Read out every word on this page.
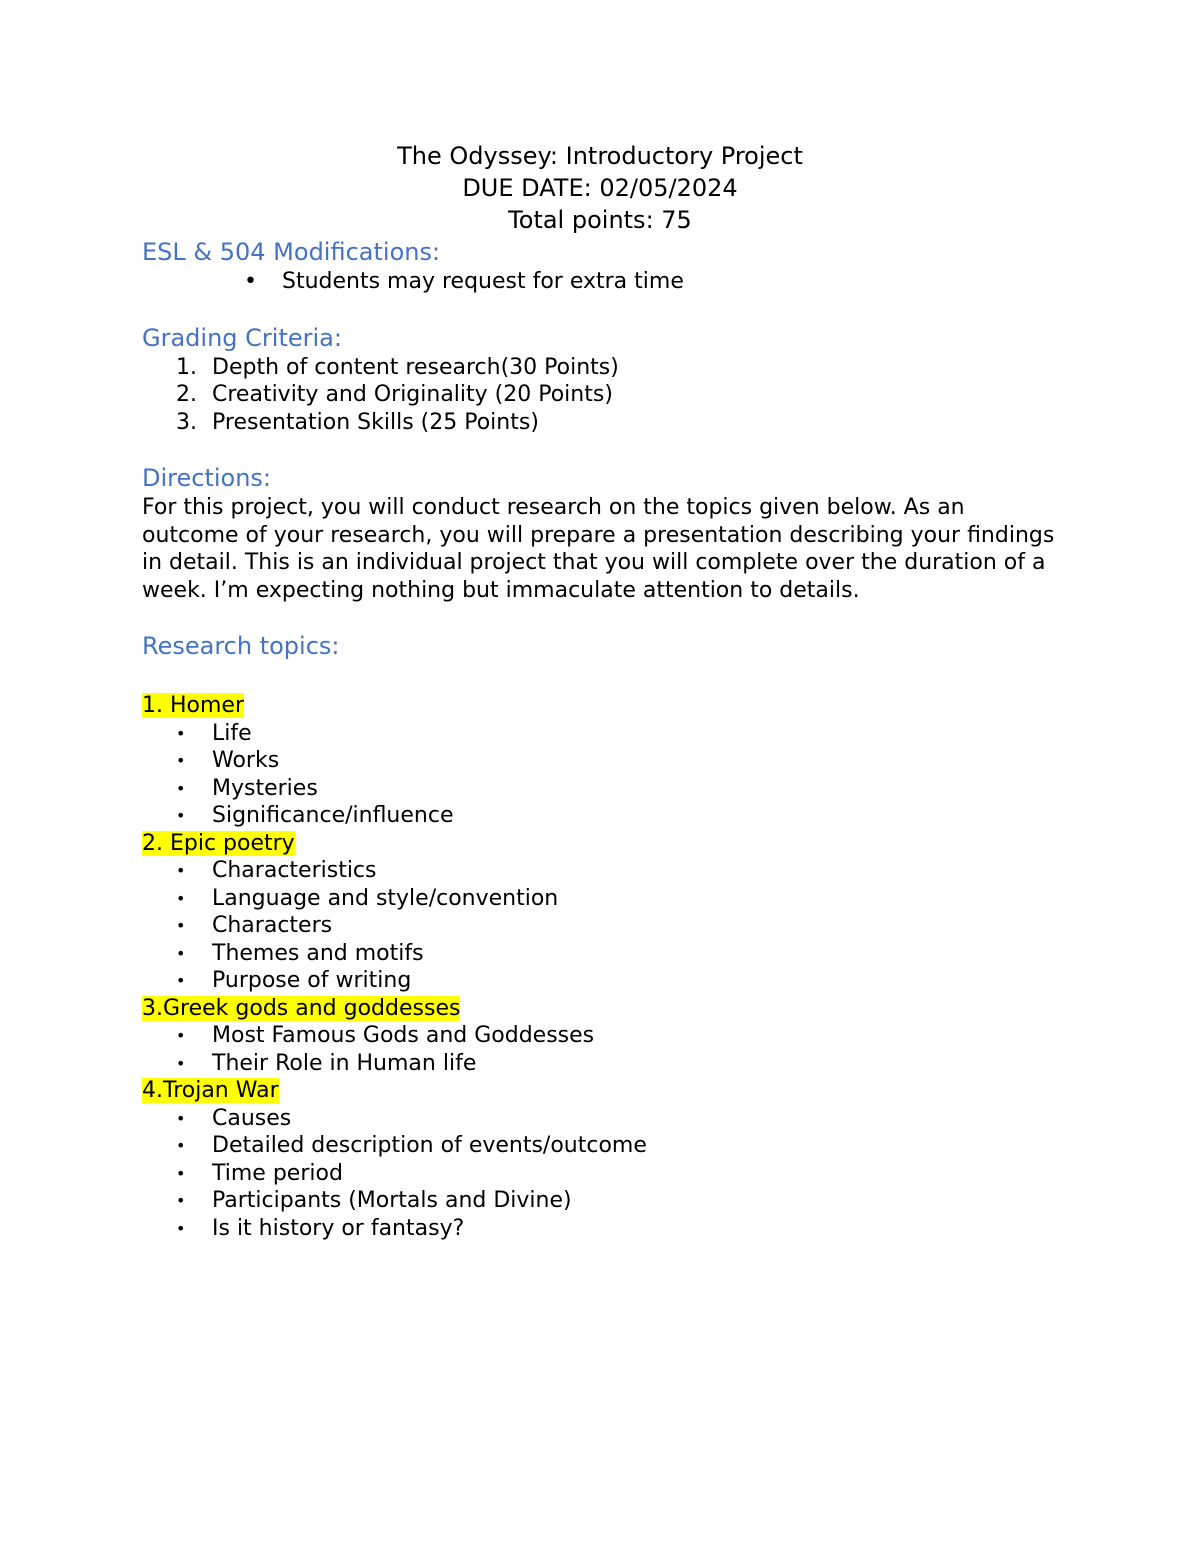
The Odyssey: Introductory Project
DUE DATE: 02/05/2024
Total points: 75
ESL & 504 Modifications:
• Students may request for extra time
Grading Criteria:
1. Depth of content research(30 Points)
2. Creativity and Originality (20 Points)
3. Presentation Skills (25 Points)
Directions:

For this project, you will conduct research on the topics given below. As an outcome of your research, you will prepare a presentation describing your findings in detail. This is an individual project that you will complete over the duration of a week. I’m expecting nothing but immaculate attention to details.

Research topics:
1. Homer
• Life
• Works
• Mysteries
• Significance/influence
2. Epic poetry
• Characteristics
• Language and style/convention
• Characters
• Themes and motifs
• Purpose of writing
3.Greek gods and goddesses
• Most Famous Gods and Goddesses
• Their Role in Human life
4.Trojan War
• Causes
• Detailed description of events/outcome
• Time period
• Participants (Mortals and Divine)
• Is it history or fantasy?
